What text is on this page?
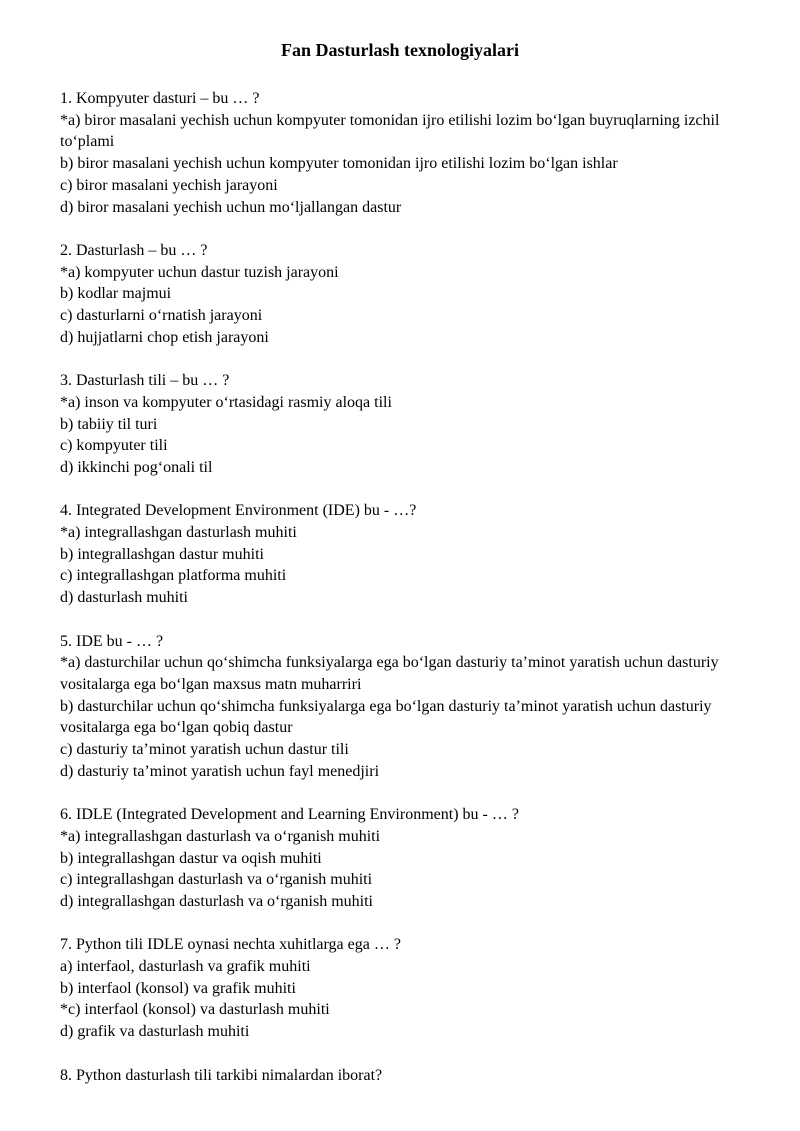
Fan Dasturlash texnologiyalari
1. Kompyuter dasturi – bu … ?
*a) biror masalani yechish uchun kompyuter tomonidan ijro etilishi lozim bo‘lgan buyruqlarning izchil to‘plami
b) biror masalani yechish uchun kompyuter tomonidan ijro etilishi lozim bo‘lgan ishlar
c) biror masalani yechish jarayoni
d) biror masalani yechish uchun mo‘ljallangan dastur
2. Dasturlash – bu … ?
*a) kompyuter uchun dastur tuzish jarayoni
b) kodlar majmui
c) dasturlarni o‘rnatish jarayoni
d) hujjatlarni chop etish jarayoni
3. Dasturlash tili – bu … ?
*a) inson va kompyuter o‘rtasidagi rasmiy aloqa tili
b) tabiiy til turi
c) kompyuter tili
d) ikkinchi pog‘onali til
4. Integrated Development Environment (IDE) bu - …?
*a) integrallashgan dasturlash muhiti
b) integrallashgan dastur muhiti
c) integrallashgan platforma muhiti
d) dasturlash muhiti
5. IDE bu - … ?
*a) dasturchilar uchun qo‘shimcha funksiyalarga ega bo‘lgan dasturiy ta’minot yaratish uchun dasturiy vositalarga ega bo‘lgan maxsus matn muharriri
b) dasturchilar uchun qo‘shimcha funksiyalarga ega bo‘lgan dasturiy ta’minot yaratish uchun dasturiy vositalarga ega bo‘lgan qobiq dastur
c) dasturiy ta’minot yaratish uchun dastur tili
d) dasturiy ta’minot yaratish uchun fayl menedjiri
6. IDLE (Integrated Development and Learning Environment) bu - … ?
*a) integrallashgan dasturlash va o‘rganish muhiti
b) integrallashgan dastur va oqish muhiti
c) integrallashgan dasturlash va o‘rganish muhiti
d) integrallashgan dasturlash va o‘rganish muhiti
7. Python tili IDLE oynasi nechta xuhitlarga ega … ?
a) interfaol, dasturlash va grafik muhiti
b) interfaol (konsol) va grafik muhiti
*c) interfaol (konsol) va dasturlash muhiti
d) grafik va dasturlash muhiti
8. Python dasturlash tili tarkibi nimalardan iborat?
